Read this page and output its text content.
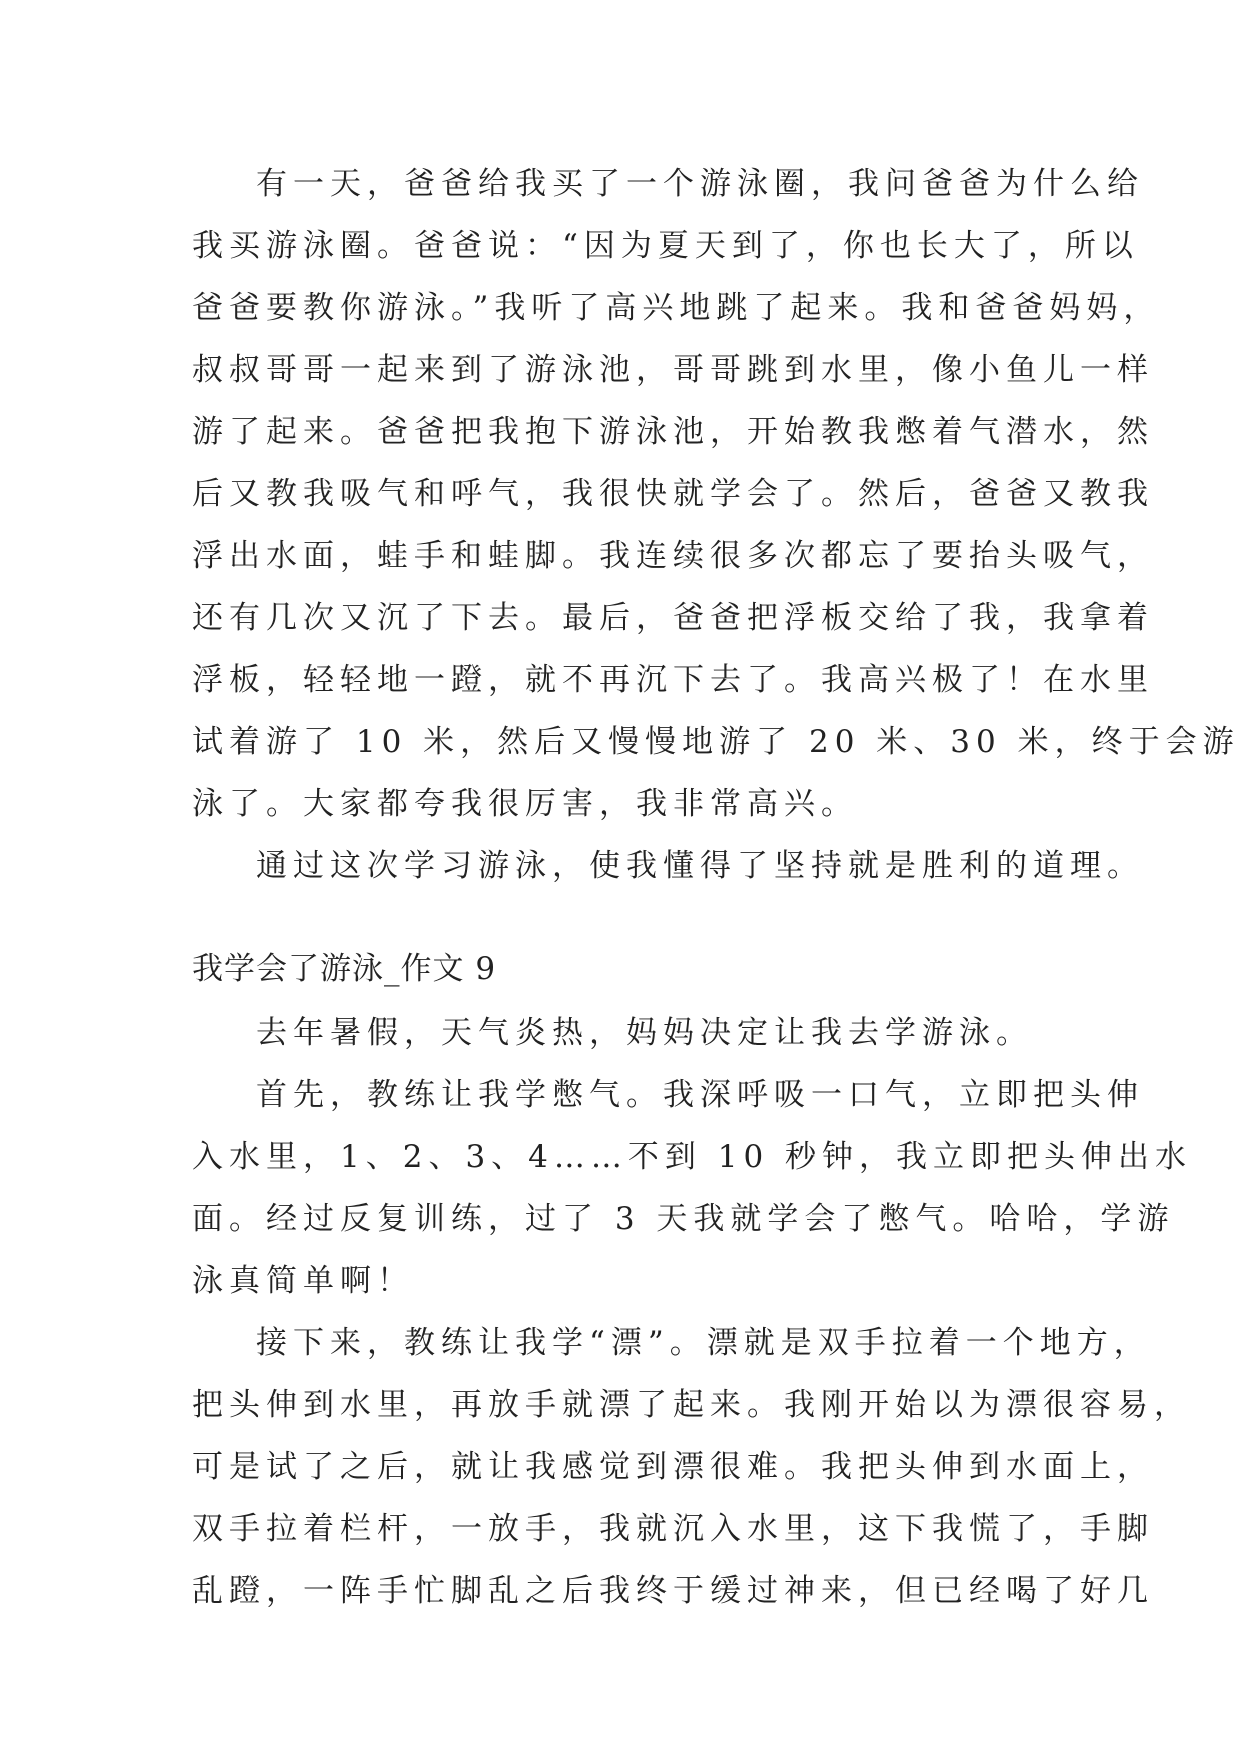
有一天，爸爸给我买了一个游泳圈，我问爸爸为什么给
我买游泳圈。爸爸说：“因为夏天到了，你也长大了，所以
爸爸要教你游泳。”我听了高兴地跳了起来。我和爸爸妈妈，
叔叔哥哥一起来到了游泳池，哥哥跳到水里，像小鱼儿一样
游了起来。爸爸把我抱下游泳池，开始教我憋着气潜水，然
后又教我吸气和呼气，我很快就学会了。然后，爸爸又教我
浮出水面，蛙手和蛙脚。我连续很多次都忘了要抬头吸气，
还有几次又沉了下去。最后，爸爸把浮板交给了我，我拿着
浮板，轻轻地一蹬，就不再沉下去了。我高兴极了！在水里
试着游了 10 米，然后又慢慢地游了 20 米、30 米，终于会游
泳了。大家都夸我很厉害，我非常高兴。
通过这次学习游泳，使我懂得了坚持就是胜利的道理。
我学会了游泳_作文 9
去年暑假，天气炎热，妈妈决定让我去学游泳。
首先，教练让我学憋气。我深呼吸一口气，立即把头伸
入水里，1、2、3、4……不到 10 秒钟，我立即把头伸出水
面。经过反复训练，过了 3 天我就学会了憋气。哈哈，学游
泳真简单啊！
接下来，教练让我学“漂”。漂就是双手拉着一个地方，
把头伸到水里，再放手就漂了起来。我刚开始以为漂很容易，
可是试了之后，就让我感觉到漂很难。我把头伸到水面上，
双手拉着栏杆，一放手，我就沉入水里，这下我慌了，手脚
乱蹬，一阵手忙脚乱之后我终于缓过神来，但已经喝了好几
